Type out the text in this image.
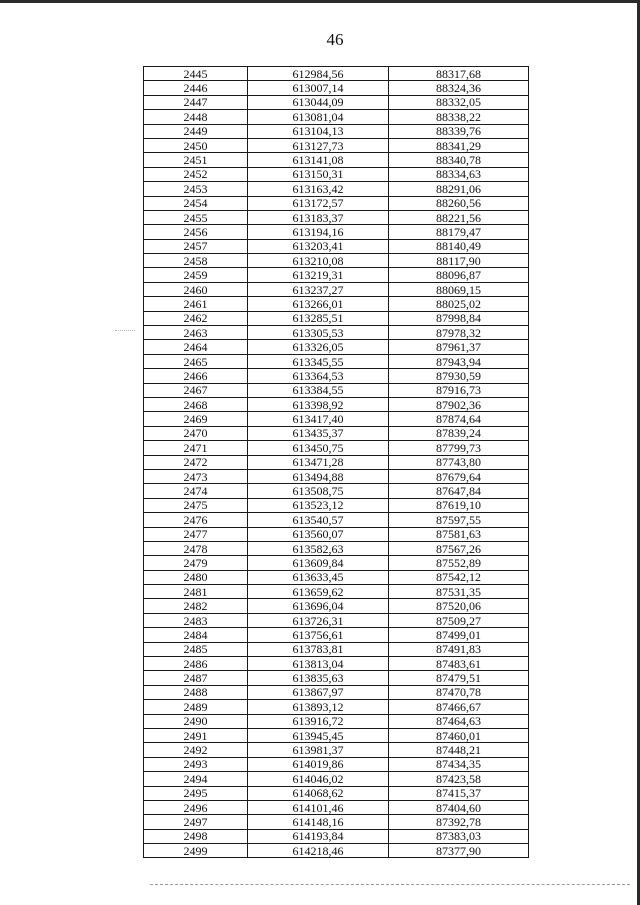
46
2445	612984,56	88317,68
2446	613007,14	88324,36
2447	613044,09	88332,05
2448	613081,04	88338,22
2449	613104,13	88339,76
2450	613127,73	88341,29
2451	613141,08	88340,78
2452	613150,31	88334,63
2453	613163,42	88291,06
2454	613172,57	88260,56
2455	613183,37	88221,56
2456	613194,16	88179,47
2457	613203,41	88140,49
2458	613210,08	88117,90
2459	613219,31	88096,87
2460	613237,27	88069,15
2461	613266,01	88025,02
2462	613285,51	87998,84
2463	613305,53	87978,32
2464	613326,05	87961,37
2465	613345,55	87943,94
2466	613364,53	87930,59
2467	613384,55	87916,73
2468	613398,92	87902,36
2469	613417,40	87874,64
2470	613435,37	87839,24
2471	613450,75	87799,73
2472	613471,28	87743,80
2473	613494,88	87679,64
2474	613508,75	87647,84
2475	613523,12	87619,10
2476	613540,57	87597,55
2477	613560,07	87581,63
2478	613582,63	87567,26
2479	613609,84	87552,89
2480	613633,45	87542,12
2481	613659,62	87531,35
2482	613696,04	87520,06
2483	613726,31	87509,27
2484	613756,61	87499,01
2485	613783,81	87491,83
2486	613813,04	87483,61
2487	613835,63	87479,51
2488	613867,97	87470,78
2489	613893,12	87466,67
2490	613916,72	87464,63
2491	613945,45	87460,01
2492	613981,37	87448,21
2493	614019,86	87434,35
2494	614046,02	87423,58
2495	614068,62	87415,37
2496	614101,46	87404,60
2497	614148,16	87392,78
2498	614193,84	87383,03
2499	614218,46	87377,90
